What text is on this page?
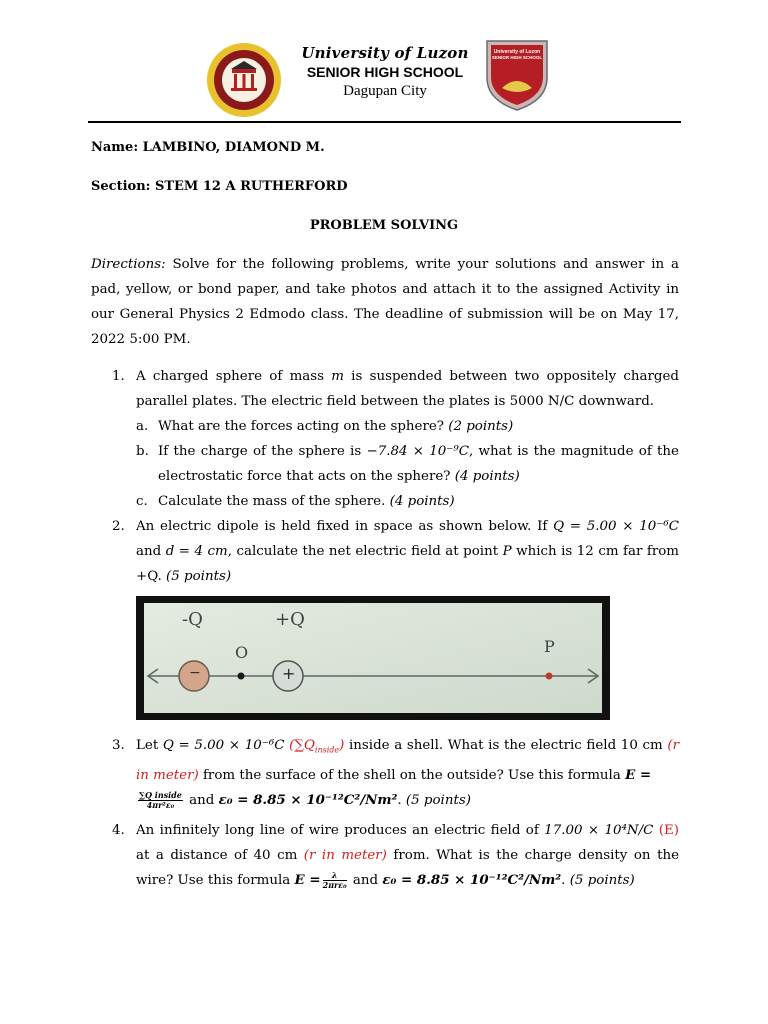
University of Luzon
SENIOR HIGH SCHOOL
Dagupan City
University of Luzon
SENIOR HIGH SCHOOL
Name: LAMBINO, DIAMOND M.
Section: STEM 12 A RUTHERFORD
PROBLEM SOLVING
Directions: Solve for the following problems, write your solutions and answer in a pad, yellow, or bond paper, and take photos and attach it to the assigned Activity in our General Physics 2 Edmodo class. The deadline of submission will be on May 17, 2022 5:00 PM.
1. A charged sphere of mass m is suspended between two oppositely charged parallel plates. The electric field between the plates is 5000 N/C downward.
a. What are the forces acting on the sphere? (2 points)
b. If the charge of the sphere is −7.84 × 10⁻⁹C, what is the magnitude of the electrostatic force that acts on the sphere? (4 points)
c. Calculate the mass of the sphere. (4 points)
2. An electric dipole is held fixed in space as shown below. If Q = 5.00 × 10⁻⁶C and d = 4 cm, calculate the net electric field at point P which is 12 cm far from +Q. (5 points)
-Q
O
+Q
P
−	+
3. Let Q = 5.00 × 10⁻⁶C $(\sum Q_{inside})$ inside a shell. What is the electric field 10 cm (r in meter) from the surface of the shell on the outside? Use this formula E =

$\frac{\text{∑Q inside}}{\text{4πr²ε₀}}$ and ε₀ = 8.85 × 10⁻¹²C²/Nm². (5 points)
4. An infinitely long line of wire produces an electric field of 17.00 × 10⁴N/C (E) at a distance of 40 cm (r in meter) from. What is the charge density on the wire? Use this formula $E = \frac{\lambda}{\text{2πrε₀}}$ and ε₀ = 8.85 × 10⁻¹²C²/Nm². (5 points)
